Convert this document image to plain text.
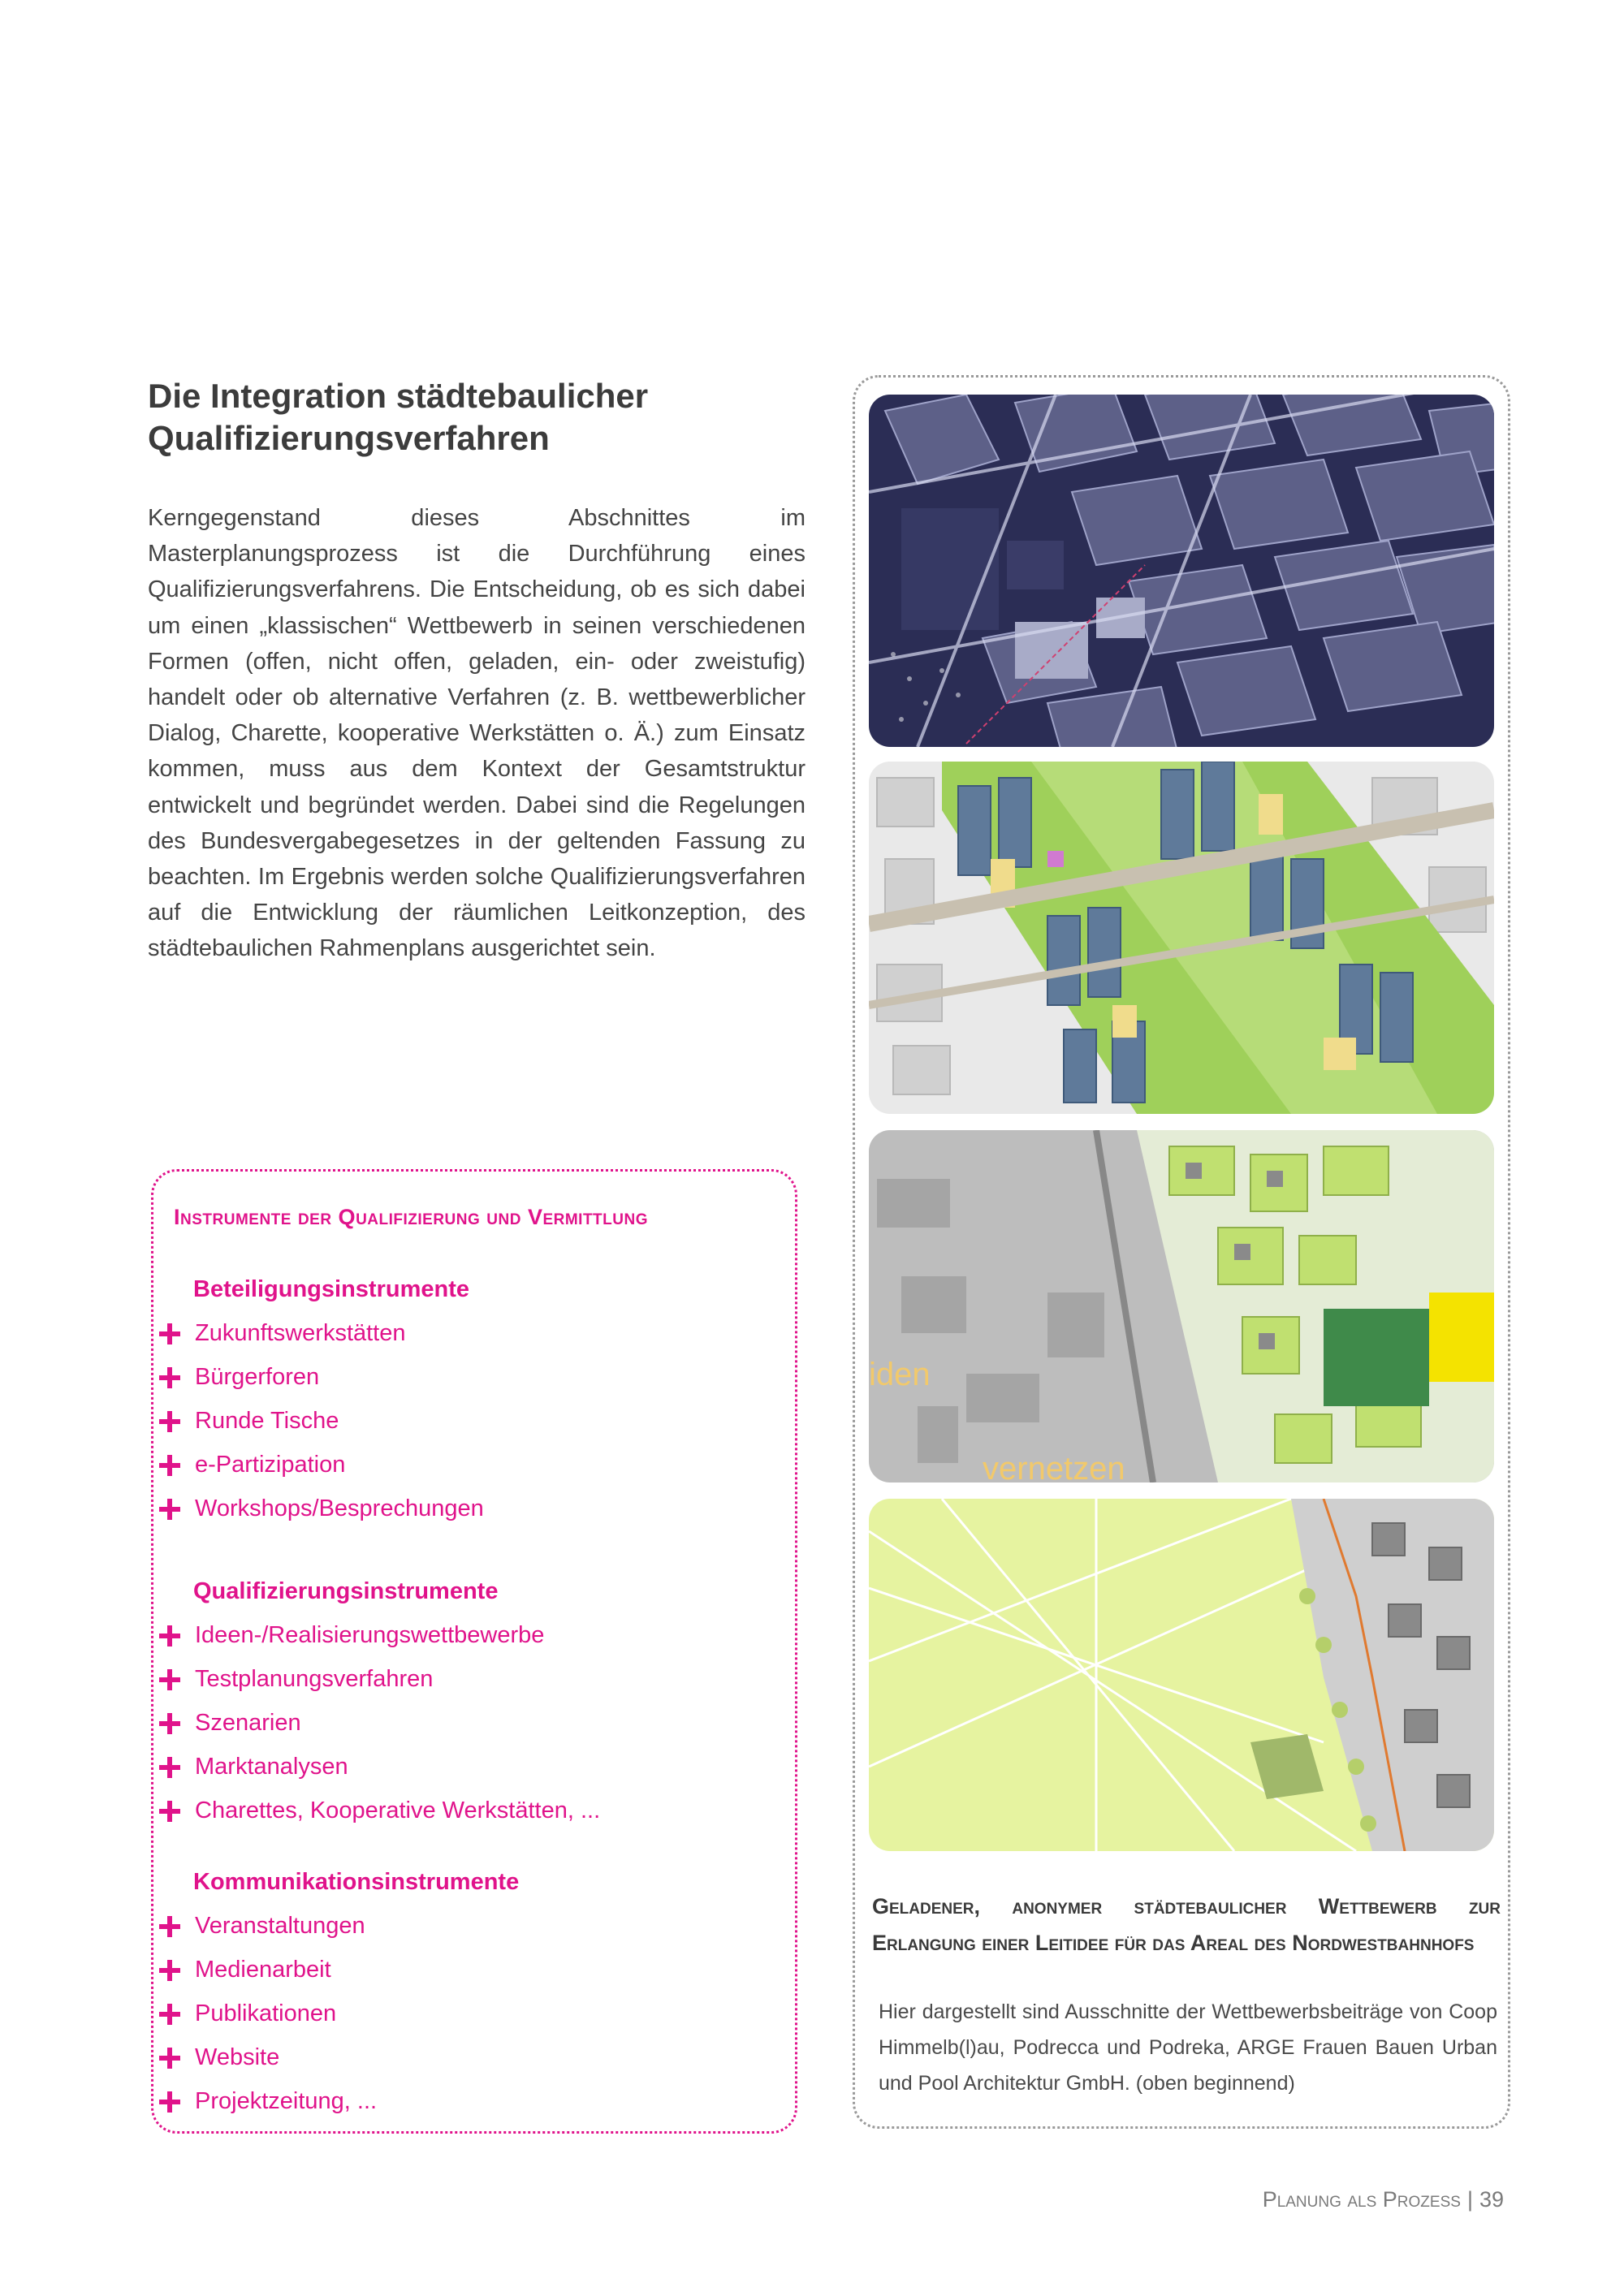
Die Integration städtebaulicher
Qualifizierungsverfahren

Kerngegenstand dieses Abschnittes im Masterplanungsprozess ist die Durchführung eines Qualifizierungsverfahrens. Die Entscheidung, ob es sich dabei um einen „klassischen“ Wettbewerb in seinen verschiedenen Formen (offen, nicht offen, geladen, ein- oder zweistufig) handelt oder ob alternative Verfahren (z. B. wettbewerblicher Dialog, Charette, kooperative Werkstätten o. Ä.) zum Einsatz kommen, muss aus dem Kontext der Gesamtstruktur entwickelt und begründet werden. Dabei sind die Regelungen des Bundesvergabegesetzes in der geltenden Fassung zu beachten. Im Ergebnis werden solche Qualifizierungsverfahren auf die Entwicklung der räumlichen Leitkonzeption, des städtebaulichen Rahmenplans ausgerichtet sein.

Instrumente der Qualifizierung und Vermittlung
Beteiligungsinstrumente
Zukunftswerkstätten
Bürgerforen
Runde Tische
e-Partizipation
Workshops/Besprechungen
Qualifizierungsinstrumente
Ideen-/Realisierungswettbewerbe
Testplanungsverfahren
Szenarien
Marktanalysen
Charettes, Kooperative Werkstätten, ...
Kommunikationsinstrumente
Veranstaltungen
Medienarbeit
Publikationen
Website
Projektzeitung, ...
iden
vernetzen

Geladener, anonymer städtebaulicher Wettbewerb zur Erlangung einer Leitidee für das Areal des Nordwestbahnhofs

Hier dargestellt sind Ausschnitte der Wettbewerbsbeiträge von Coop Himmelb(l)au, Podrecca und Podreka, ARGE Frauen Bauen Urban und Pool Architektur GmbH. (oben beginnend)

Planung als Prozess | 39
